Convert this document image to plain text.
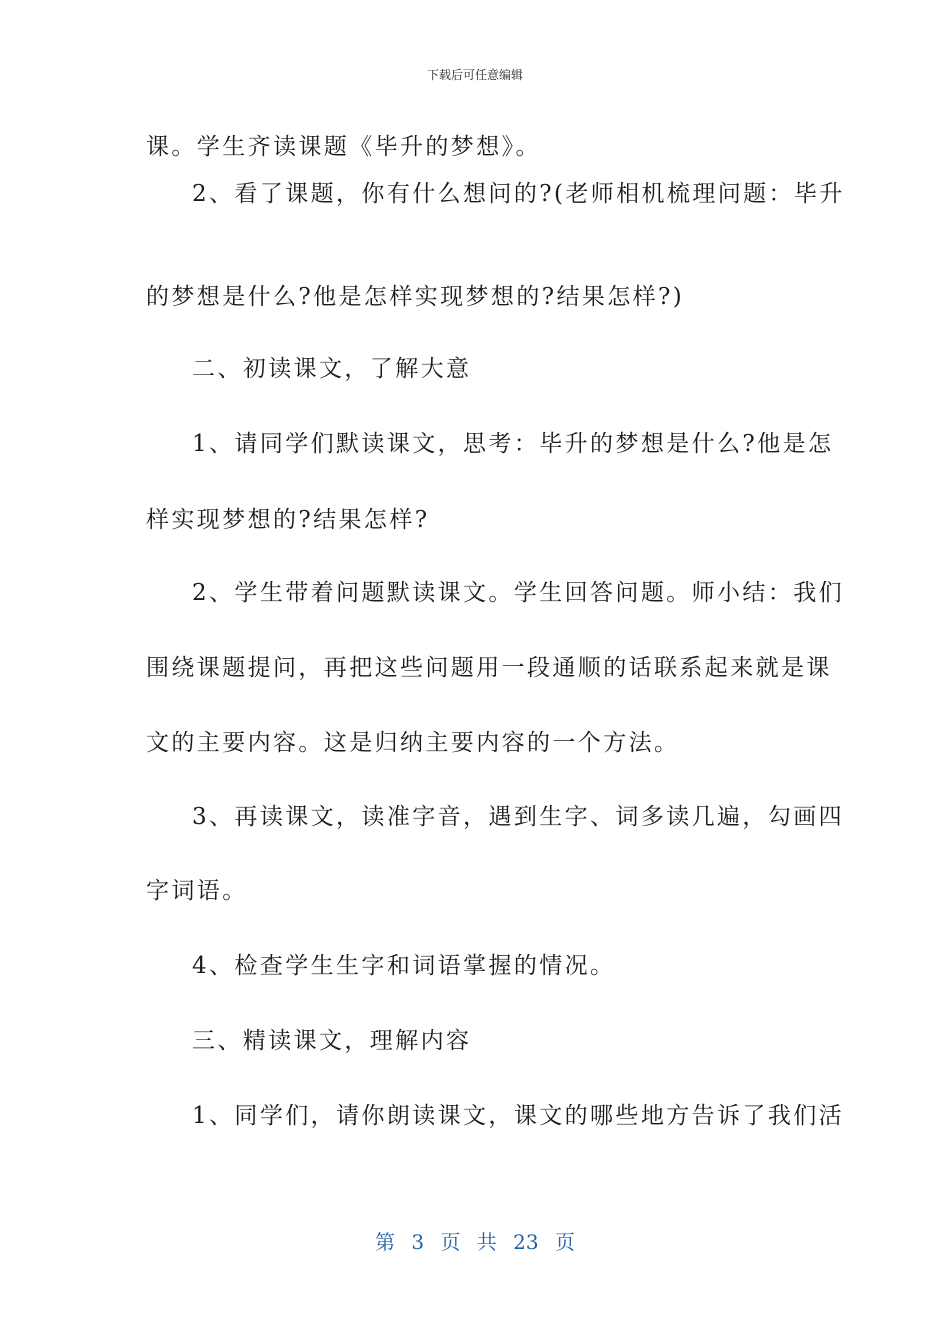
下载后可任意编辑
课。学生齐读课题《毕升的梦想》。
2、看了课题，你有什么想问的?(老师相机梳理问题：毕升
的梦想是什么?他是怎样实现梦想的?结果怎样?)
二、初读课文，了解大意
1、请同学们默读课文，思考：毕升的梦想是什么?他是怎
样实现梦想的?结果怎样?
2、学生带着问题默读课文。学生回答问题。师小结：我们
围绕课题提问，再把这些问题用一段通顺的话联系起来就是课
文的主要内容。这是归纳主要内容的一个方法。
3、再读课文，读准字音，遇到生字、词多读几遍，勾画四
字词语。
4、检查学生生字和词语掌握的情况。
三、精读课文，理解内容
1、同学们，请你朗读课文，课文的哪些地方告诉了我们活
第 3 页 共 23 页
